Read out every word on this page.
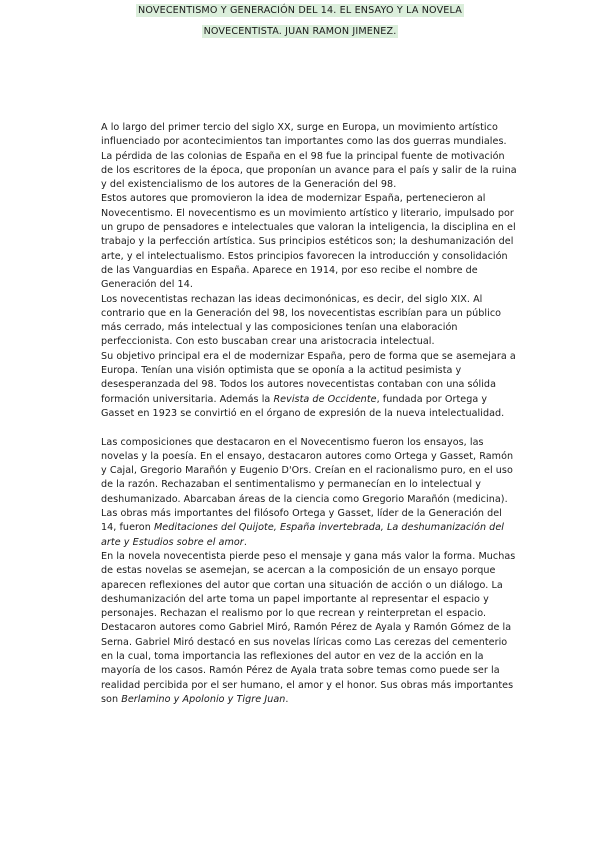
NOVECENTISMO Y GENERACIÓN DEL 14. EL ENSAYO Y LA NOVELA
NOVECENTISTA. JUAN RAMON JIMENEZ.

A lo largo del primer tercio del siglo XX, surge en Europa, un movimiento artístico influenciado por acontecimientos tan importantes como las dos guerras mundiales.

La pérdida de las colonias de España en el 98 fue la principal fuente de motivación de los escritores de la época, que proponían un avance para el país y salir de la ruina y del existencialismo de los autores de la Generación del 98.

Estos autores que promovieron la idea de modernizar España, pertenecieron al Novecentismo. El novecentismo es un movimiento artístico y literario, impulsado por un grupo de pensadores e intelectuales que valoran la inteligencia, la disciplina en el trabajo y la perfección artística. Sus principios estéticos son; la deshumanización del arte, y el intelectualismo. Estos principios favorecen la introducción y consolidación de las Vanguardias en España. Aparece en 1914, por eso recibe el nombre de Generación del 14.

Los novecentistas rechazan las ideas decimonónicas, es decir, del siglo XIX. Al contrario que en la Generación del 98, los novecentistas escribían para un público más cerrado, más intelectual y las composiciones tenían una elaboración perfeccionista. Con esto buscaban crear una aristocracia intelectual.

Su objetivo principal era el de modernizar España, pero de forma que se asemejara a Europa. Tenían una visión optimista que se oponía a la actitud pesimista y desesperanzada del 98. Todos los autores novecentistas contaban con una sólida formación universitaria. Además la Revista de Occidente, fundada por Ortega y Gasset en 1923 se convirtió en el órgano de expresión de la nueva intelectualidad.

Las composiciones que destacaron en el Novecentismo fueron los ensayos, las novelas y la poesía. En el ensayo, destacaron autores como Ortega y Gasset, Ramón y Cajal, Gregorio Marañón y Eugenio D'Ors. Creían en el racionalismo puro, en el uso de la razón. Rechazaban el sentimentalismo y permanecían en lo intelectual y deshumanizado. Abarcaban áreas de la ciencia como Gregorio Marañón (medicina). Las obras más importantes del filósofo Ortega y Gasset, líder de la Generación del 14, fueron Meditaciones del Quijote, España invertebrada, La deshumanización del arte y Estudios sobre el amor.

En la novela novecentista pierde peso el mensaje y gana más valor la forma. Muchas de estas novelas se asemejan, se acercan a la composición de un ensayo porque aparecen reflexiones del autor que cortan una situación de acción o un diálogo. La deshumanización del arte toma un papel importante al representar el espacio y personajes. Rechazan el realismo por lo que recrean y reinterpretan el espacio. Destacaron autores como Gabriel Miró, Ramón Pérez de Ayala y Ramón Gómez de la Serna. Gabriel Miró destacó en sus novelas líricas como Las cerezas del cementerio en la cual, toma importancia las reflexiones del autor en vez de la acción en la mayoría de los casos. Ramón Pérez de Ayala trata sobre temas como puede ser la realidad percibida por el ser humano, el amor y el honor. Sus obras más importantes son Berlamino y Apolonio y Tigre Juan.
